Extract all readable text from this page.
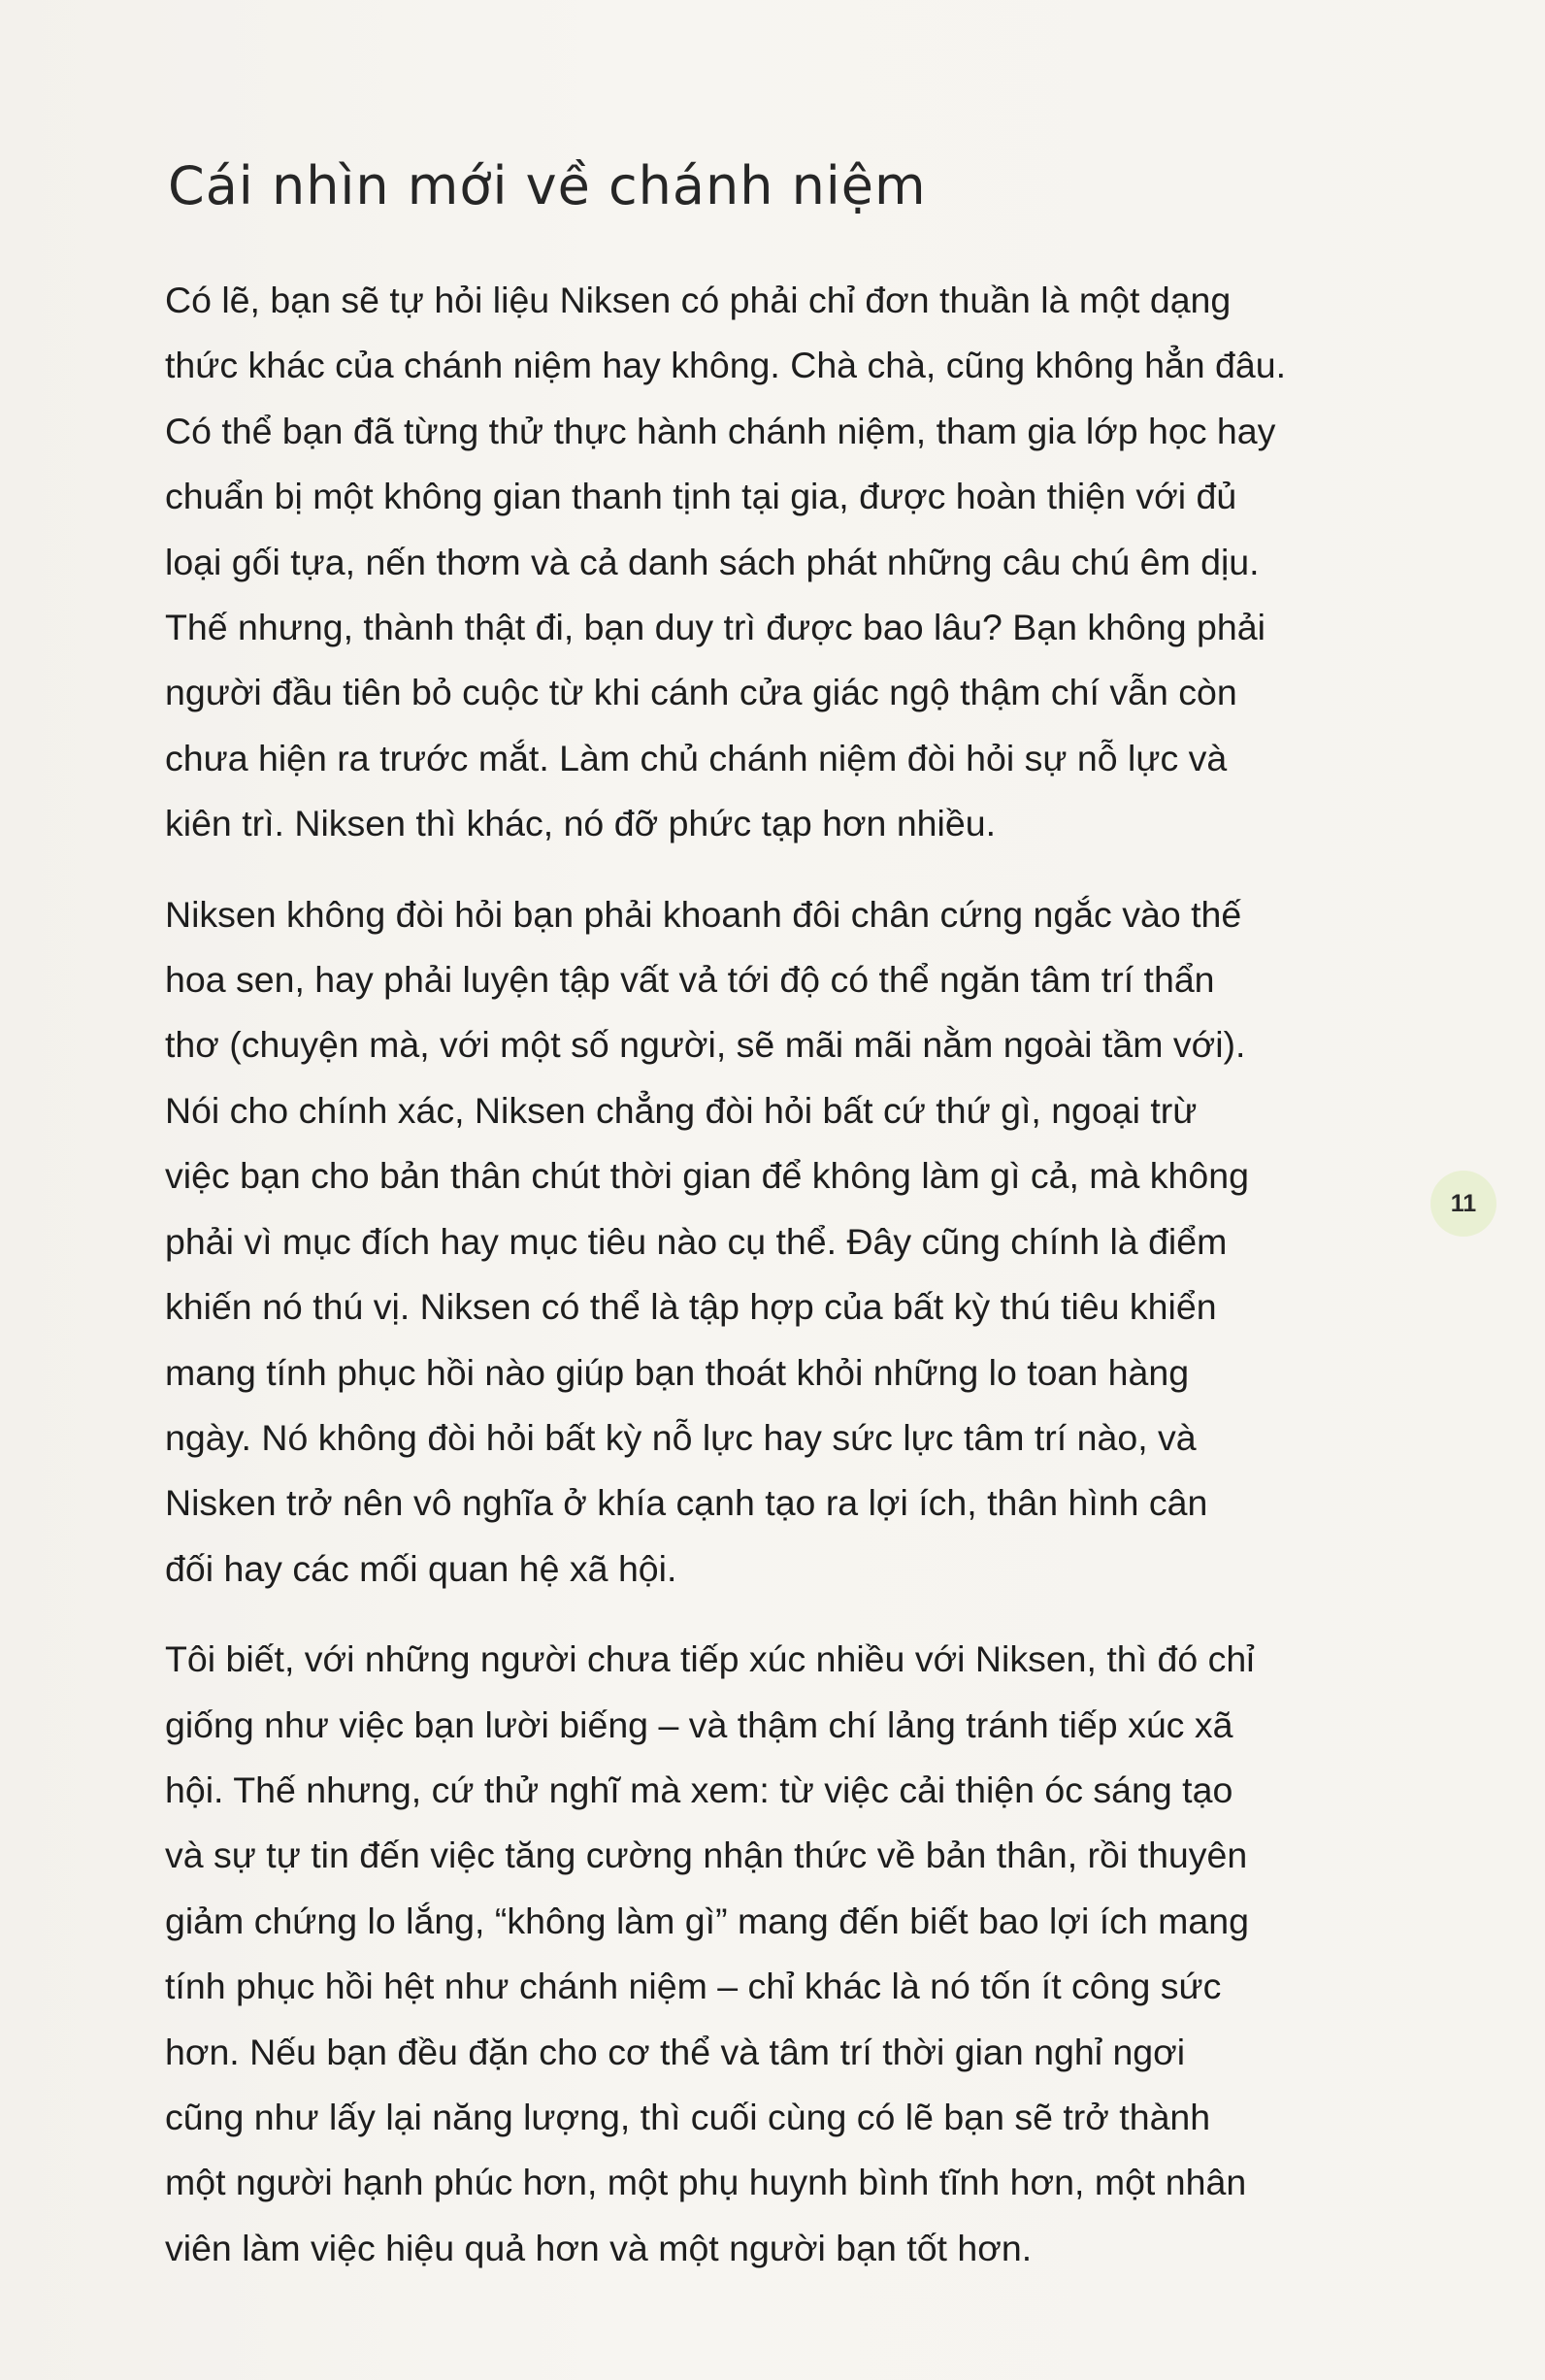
Cái nhìn mới về chánh niệm

Có lẽ, bạn sẽ tự hỏi liệu Niksen có phải chỉ đơn thuần là một dạng
thức khác của chánh niệm hay không. Chà chà, cũng không hẳn đâu.
Có thể bạn đã từng thử thực hành chánh niệm, tham gia lớp học hay
chuẩn bị một không gian thanh tịnh tại gia, được hoàn thiện với đủ
loại gối tựa, nến thơm và cả danh sách phát những câu chú êm dịu.
Thế nhưng, thành thật đi, bạn duy trì được bao lâu? Bạn không phải
người đầu tiên bỏ cuộc từ khi cánh cửa giác ngộ thậm chí vẫn còn
chưa hiện ra trước mắt. Làm chủ chánh niệm đòi hỏi sự nỗ lực và
kiên trì. Niksen thì khác, nó đỡ phức tạp hơn nhiều.

Niksen không đòi hỏi bạn phải khoanh đôi chân cứng ngắc vào thế
hoa sen, hay phải luyện tập vất vả tới độ có thể ngăn tâm trí thẩn
thơ (chuyện mà, với một số người, sẽ mãi mãi nằm ngoài tầm với).
Nói cho chính xác, Niksen chẳng đòi hỏi bất cứ thứ gì, ngoại trừ
việc bạn cho bản thân chút thời gian để không làm gì cả, mà không
phải vì mục đích hay mục tiêu nào cụ thể. Đây cũng chính là điểm
khiến nó thú vị. Niksen có thể là tập hợp của bất kỳ thú tiêu khiển
mang tính phục hồi nào giúp bạn thoát khỏi những lo toan hàng
ngày. Nó không đòi hỏi bất kỳ nỗ lực hay sức lực tâm trí nào, và
Nisken trở nên vô nghĩa ở khía cạnh tạo ra lợi ích, thân hình cân
đối hay các mối quan hệ xã hội.

Tôi biết, với những người chưa tiếp xúc nhiều với Niksen, thì đó chỉ
giống như việc bạn lười biếng – và thậm chí lảng tránh tiếp xúc xã
hội. Thế nhưng, cứ thử nghĩ mà xem: từ việc cải thiện óc sáng tạo
và sự tự tin đến việc tăng cường nhận thức về bản thân, rồi thuyên
giảm chứng lo lắng, “không làm gì” mang đến biết bao lợi ích mang
tính phục hồi hệt như chánh niệm – chỉ khác là nó tốn ít công sức
hơn. Nếu bạn đều đặn cho cơ thể và tâm trí thời gian nghỉ ngơi
cũng như lấy lại năng lượng, thì cuối cùng có lẽ bạn sẽ trở thành
một người hạnh phúc hơn, một phụ huynh bình tĩnh hơn, một nhân
viên làm việc hiệu quả hơn và một người bạn tốt hơn.

11
